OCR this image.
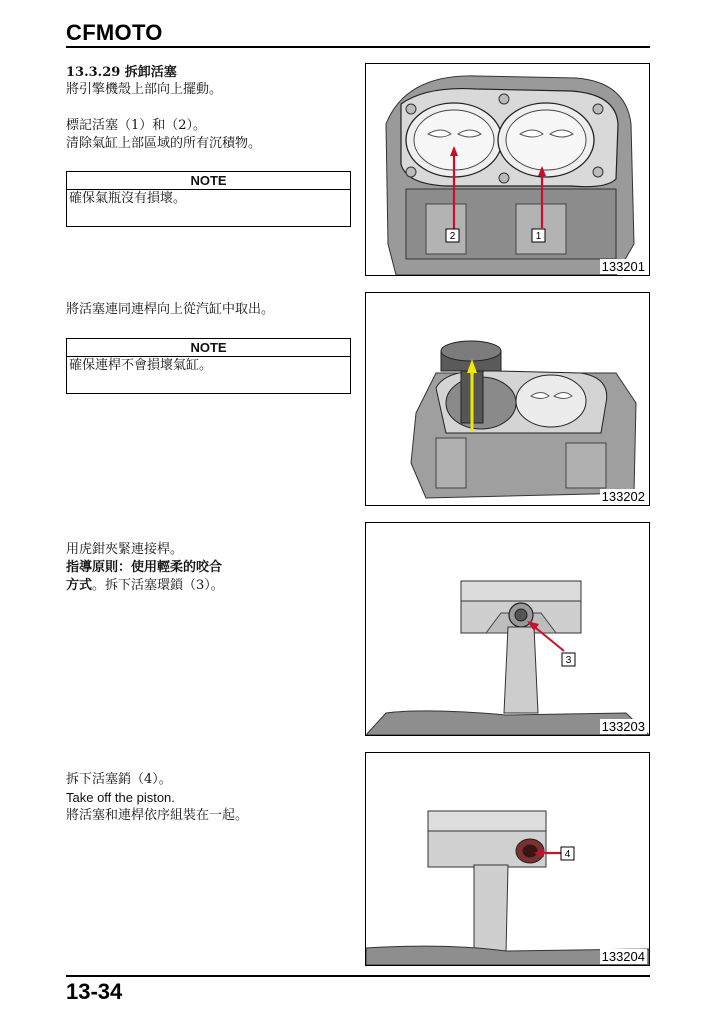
CFMOTO
13.3.29 拆卸活塞
將引擎機殼上部向上擺動。
標記活塞（1）和（2）。
清除氣缸上部區域的所有沉積物。
NOTE
確保氣瓶沒有損壞。
2	1
133201
將活塞連同連桿向上從汽缸中取出。
NOTE
確保連桿不會損壞氣缸。
133202
用虎鉗夾緊連接桿。
指導原則：使用輕柔的咬合
方式。拆下活塞環鎖（3）。
3
133203
拆下活塞銷（4）。
Take off the piston.
將活塞和連桿依序組裝在一起。
4
133204
13-34
